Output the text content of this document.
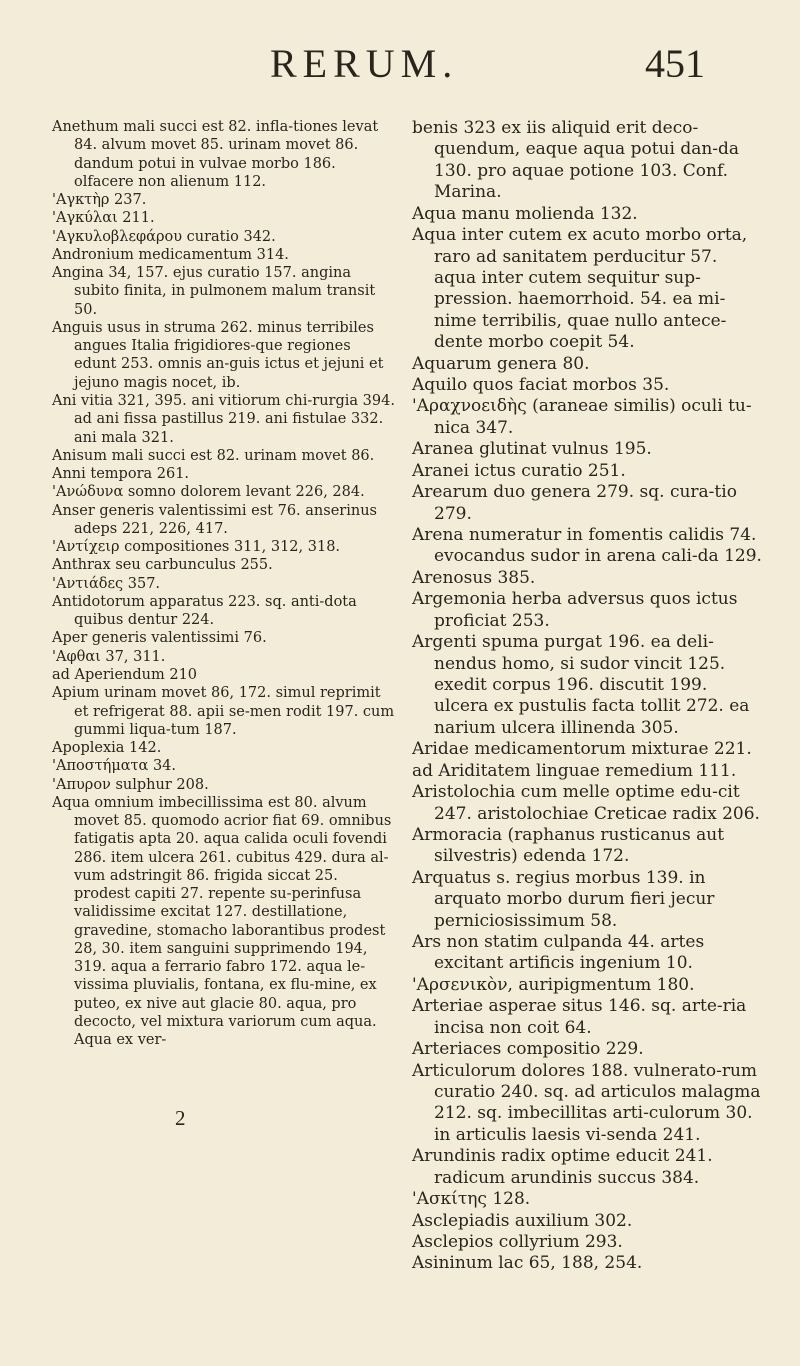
RERUM.	451

Anethum mali succi est 82. infla-tiones levat 84. alvum movet 85. urinam movet 86. dandum potui in vulvae morbo 186. olfacere non alienum 112.

'Αγκτὴρ 237.

'Αγκύλαι 211.

'Αγκυλοβλεφάρου curatio 342.

Andronium medicamentum 314.

Angina 34, 157. ejus curatio 157. angina subito finita, in pulmonem malum transit 50.

Anguis usus in struma 262. minus terribiles angues Italia frigidiores-que regiones edunt 253. omnis an-guis ictus et jejuni et jejuno magis nocet, ib.

Ani vitia 321, 395. ani vitiorum chi-rurgia 394. ad ani fissa pastillus 219. ani fistulae 332. ani mala 321.

Anisum mali succi est 82. urinam movet 86.

Anni tempora 261.

'Ανώδυνα somno dolorem levant 226, 284.

Anser generis valentissimi est 76. anserinus adeps 221, 226, 417.

'Αντίχειρ compositiones 311, 312, 318.

Anthrax seu carbunculus 255.

'Αντιάδες 357.

Antidotorum apparatus 223. sq. anti-dota quibus dentur 224.

Aper generis valentissimi 76.

'Αφθαι 37, 311.

ad Aperiendum 210

Apium urinam movet 86, 172. simul reprimit et refrigerat 88. apii se-men rodit 197. cum gummi liqua-tum 187.

Apoplexia 142.

'Αποστήματα 34.

'Απυρον sulphur 208.

Aqua omnium imbecillissima est 80. alvum movet 85. quomodo acrior fiat 69. omnibus fatigatis apta 20. aqua calida oculi fovendi 286. item ulcera 261. cubitus 429. dura al-vum adstringit 86. frigida siccat 25. prodest capiti 27. repente su-perinfusa validissime excitat 127. destillatione, gravedine, stomacho laborantibus prodest 28, 30. item sanguini supprimendo 194, 319. aqua a ferrario fabro 172. aqua le-vissima pluvialis, fontana, ex flu-mine, ex puteo, ex nive aut glacie 80. aqua, pro decocto, vel mixtura variorum cum aqua. Aqua ex ver-

benis 323 ex iis aliquid erit deco-quendum, eaque aqua potui dan-da 130. pro aquae potione 103. Conf. Marina.

Aqua manu molienda 132.

Aqua inter cutem ex acuto morbo orta, raro ad sanitatem perducitur 57. aqua inter cutem sequitur sup-pression. haemorrhoid. 54. ea mi-nime terribilis, quae nullo antece-dente morbo coepit 54.

Aquarum genera 80.

Aquilo quos faciat morbos 35.

'Αραχνοειδὴς (araneae similis) oculi tu-nica 347.

Aranea glutinat vulnus 195.

Aranei ictus curatio 251.

Arearum duo genera 279. sq. cura-tio 279.

Arena numeratur in fomentis calidis 74. evocandus sudor in arena cali-da 129.

Arenosus 385.

Argemonia herba adversus quos ictus proficiat 253.

Argenti spuma purgat 196. ea deli-nendus homo, si sudor vincit 125. exedit corpus 196. discutit 199. ulcera ex pustulis facta tollit 272. ea narium ulcera illinenda 305.

Aridae medicamentorum mixturae 221.

ad Ariditatem linguae remedium 111.

Aristolochia cum melle optime edu-cit 247. aristolochiae Creticae radix 206.

Armoracia (raphanus rusticanus aut silvestris) edenda 172.

Arquatus s. regius morbus 139. in arquato morbo durum fieri jecur perniciosissimum 58.

Ars non statim culpanda 44. artes excitant artificis ingenium 10.

'Αρσενικὸν, auripigmentum 180.

Arteriae asperae situs 146. sq. arte-ria incisa non coit 64.

Arteriaces compositio 229.

Articulorum dolores 188. vulnerato-rum curatio 240. sq. ad articulos malagma 212. sq. imbecillitas arti-culorum 30. in articulis laesis vi-senda 241.

Arundinis radix optime educit 241. radicum arundinis succus 384.

'Ασκίτης 128.

Asclepiadis auxilium 302.

Asclepios collyrium 293.

Asininum lac 65, 188, 254.

2
